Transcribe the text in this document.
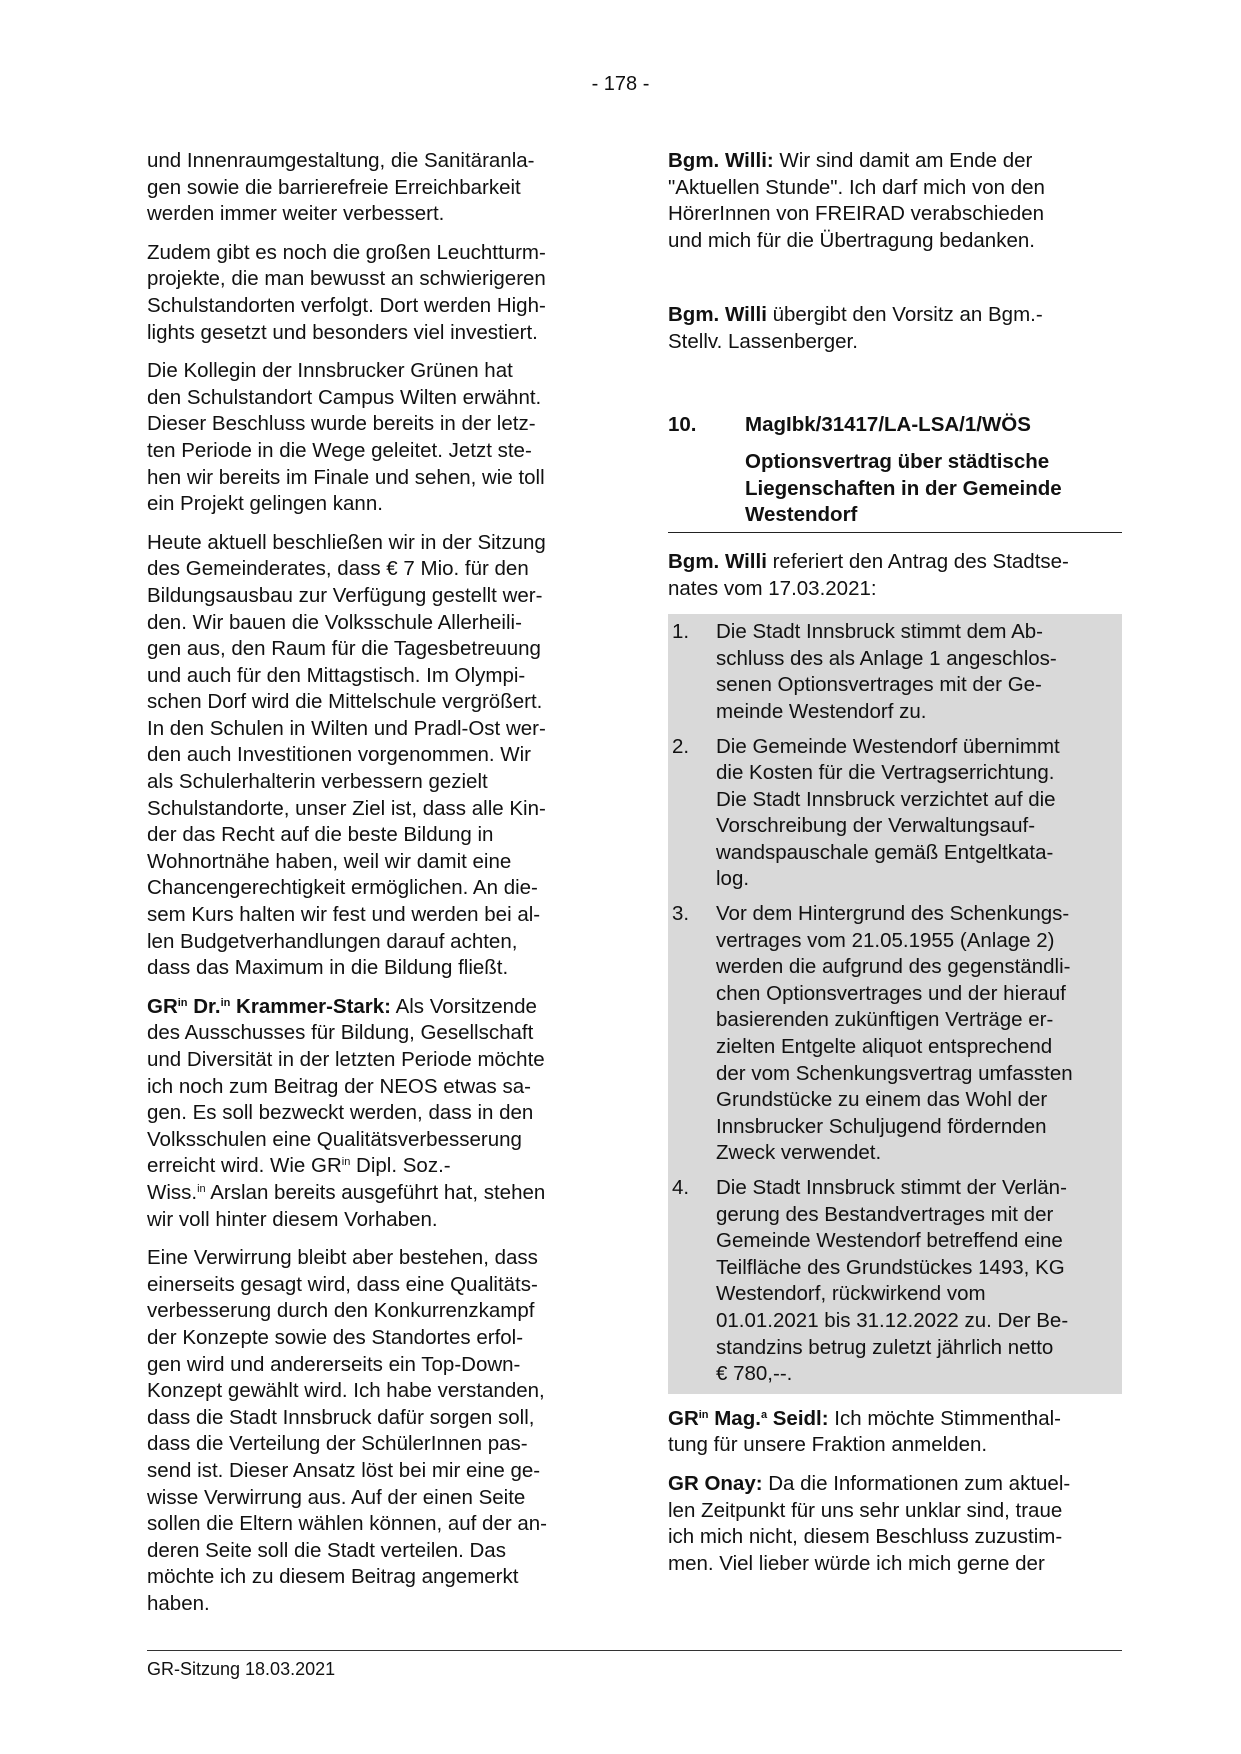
- 178 -

und Innenraumgestaltung, die Sanitäranla-
gen sowie die barrierefreie Erreichbarkeit
werden immer weiter verbessert.

Zudem gibt es noch die großen Leuchtturm-
projekte, die man bewusst an schwierigeren
Schulstandorten verfolgt. Dort werden High-
lights gesetzt und besonders viel investiert.

Die Kollegin der Innsbrucker Grünen hat
den Schulstandort Campus Wilten erwähnt.
Dieser Beschluss wurde bereits in der letz-
ten Periode in die Wege geleitet. Jetzt ste-
hen wir bereits im Finale und sehen, wie toll
ein Projekt gelingen kann.

Heute aktuell beschließen wir in der Sitzung
des Gemeinderates, dass € 7 Mio. für den
Bildungsausbau zur Verfügung gestellt wer-
den. Wir bauen die Volksschule Allerheili-
gen aus, den Raum für die Tagesbetreuung
und auch für den Mittagstisch. Im Olympi-
schen Dorf wird die Mittelschule vergrößert.
In den Schulen in Wilten und Pradl-Ost wer-
den auch Investitionen vorgenommen. Wir
als Schulerhalterin verbessern gezielt
Schulstandorte, unser Ziel ist, dass alle Kin-
der das Recht auf die beste Bildung in
Wohnortnähe haben, weil wir damit eine
Chancengerechtigkeit ermöglichen. An die-
sem Kurs halten wir fest und werden bei al-
len Budgetverhandlungen darauf achten,
dass das Maximum in die Bildung fließt.

$GR^{in}$ Dr.$^{in}$ Krammer-Stark: Als Vorsitzende
des Ausschusses für Bildung, Gesellschaft
und Diversität in der letzten Periode möchte
ich noch zum Beitrag der NEOS etwas sa-
gen. Es soll bezweckt werden, dass in den
Volksschulen eine Qualitätsverbesserung
erreicht wird. Wie $GR^{in}$ Dipl. Soz.-
Wiss.$^{in}$ Arslan bereits ausgeführt hat, stehen
wir voll hinter diesem Vorhaben.

Eine Verwirrung bleibt aber bestehen, dass
einerseits gesagt wird, dass eine Qualitäts-
verbesserung durch den Konkurrenzkampf
der Konzepte sowie des Standortes erfol-
gen wird und andererseits ein Top-Down-
Konzept gewählt wird. Ich habe verstanden,
dass die Stadt Innsbruck dafür sorgen soll,
dass die Verteilung der SchülerInnen pas-
send ist. Dieser Ansatz löst bei mir eine ge-
wisse Verwirrung aus. Auf der einen Seite
sollen die Eltern wählen können, auf der an-
deren Seite soll die Stadt verteilen. Das
möchte ich zu diesem Beitrag angemerkt
haben.

Bgm. Willi: Wir sind damit am Ende der
"Aktuellen Stunde". Ich darf mich von den
HörerInnen von FREIRAD verabschieden
und mich für die Übertragung bedanken.

Bgm. Willi übergibt den Vorsitz an Bgm.-
Stellv. Lassenberger.

10.	MagIbk/31417/LA-LSA/1/WÖS
Optionsvertrag über städtische
Liegenschaften in der Gemeinde
Westendorf

Bgm. Willi referiert den Antrag des Stadtse-
nates vom 17.03.2021:

1.	Die Stadt Innsbruck stimmt dem Ab-
schluss des als Anlage 1 angeschlos-
senen Optionsvertrages mit der Ge-
meinde Westendorf zu.
2.	Die Gemeinde Westendorf übernimmt
die Kosten für die Vertragserrichtung.
Die Stadt Innsbruck verzichtet auf die
Vorschreibung der Verwaltungsauf-
wandspauschale gemäß Entgeltkata-
log.
3.	Vor dem Hintergrund des Schenkungs-
vertrages vom 21.05.1955 (Anlage 2)
werden die aufgrund des gegenständli-
chen Optionsvertrages und der hierauf
basierenden zukünftigen Verträge er-
zielten Entgelte aliquot entsprechend
der vom Schenkungsvertrag umfassten
Grundstücke zu einem das Wohl der
Innsbrucker Schuljugend fördernden
Zweck verwendet.
4.	Die Stadt Innsbruck stimmt der Verlän-
gerung des Bestandvertrages mit der
Gemeinde Westendorf betreffend eine
Teilfläche des Grundstückes 1493, KG
Westendorf, rückwirkend vom
01.01.2021 bis 31.12.2022 zu. Der Be-
standzins betrug zuletzt jährlich netto
€ 780,--.

$GR^{in}$ Mag.$^a$ Seidl: Ich möchte Stimmenthal-
tung für unsere Fraktion anmelden.

GR Onay: Da die Informationen zum aktuel-
len Zeitpunkt für uns sehr unklar sind, traue
ich mich nicht, diesem Beschluss zuzustim-
men. Viel lieber würde ich mich gerne der

GR-Sitzung 18.03.2021
